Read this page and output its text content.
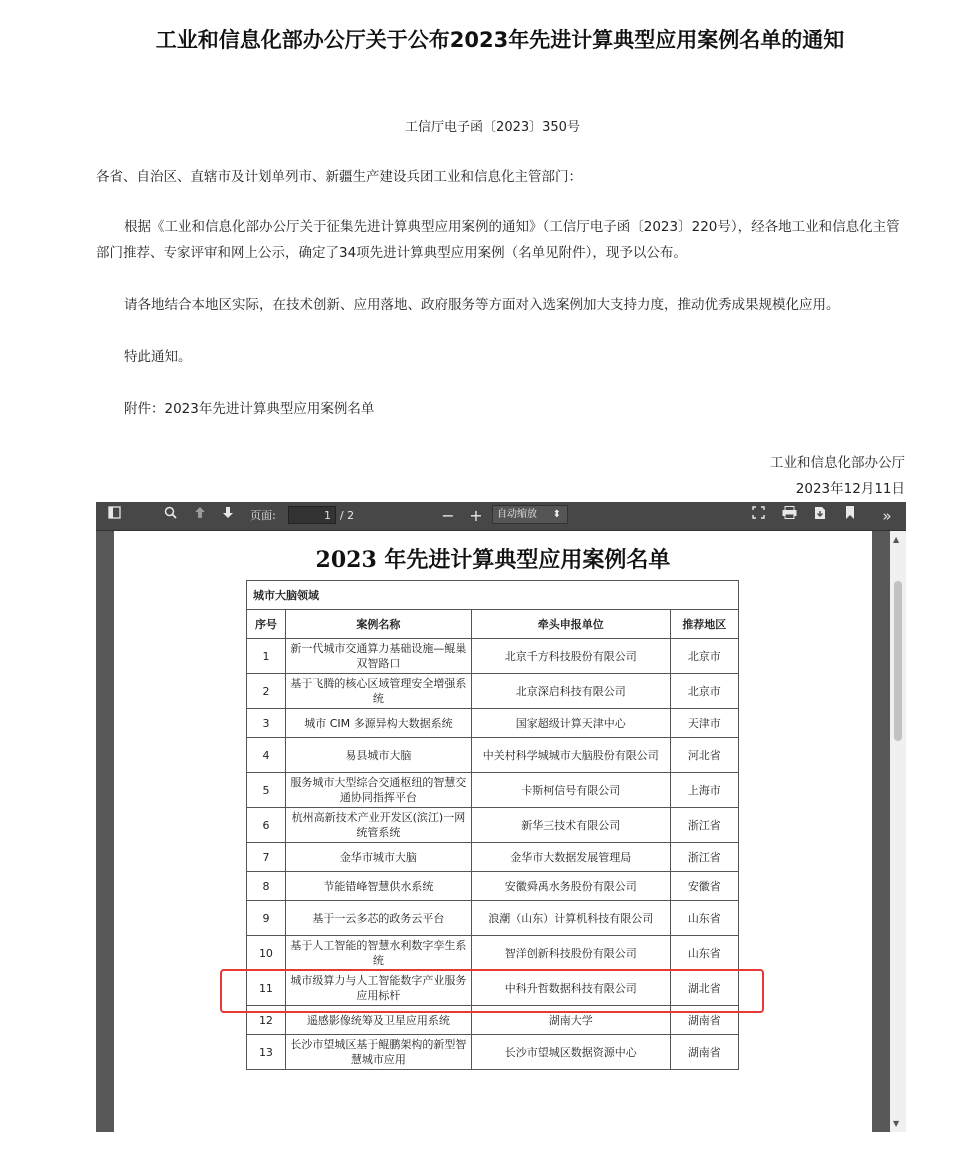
工业和信息化部办公厅关于公布2023年先进计算典型应用案例名单的通知
工信厅电子函〔2023〕350号
各省、自治区、直辖市及计划单列市、新疆生产建设兵团工业和信息化主管部门：
根据《工业和信息化部办公厅关于征集先进计算典型应用案例的通知》（工信厅电子函〔2023〕220号），经各地工业和信息化主管部门推荐、专家评审和网上公示，确定了34项先进计算典型应用案例（名单见附件），现予以公布。
请各地结合本地区实际，在技术创新、应用落地、政府服务等方面对入选案例加大支持力度，推动优秀成果规模化应用。
特此通知。
附件：2023年先进计算典型应用案例名单
工业和信息化部办公厅
2023年12月11日
页面:	1 / 2	− +	自动缩放 ⬍	»
2023 年先进计算典型应用案例名单
城市大脑领域			
序号	案例名称	牵头申报单位	推荐地区
1	新一代城市交通算力基础设施—鲲巢双智路口	北京千方科技股份有限公司	北京市
2	基于飞腾的核心区域管理安全增强系统	北京深启科技有限公司	北京市
3	城市 CIM 多源异构大数据系统	国家超级计算天津中心	天津市
4	易县城市大脑	中关村科学城城市大脑股份有限公司	河北省
5	服务城市大型综合交通枢纽的智慧交通协同指挥平台	卡斯柯信号有限公司	上海市
6	杭州高新技术产业开发区(滨江)一网统管系统	新华三技术有限公司	浙江省
7	金华市城市大脑	金华市大数据发展管理局	浙江省
8	节能错峰智慧供水系统	安徽舜禹水务股份有限公司	安徽省
9	基于一云多芯的政务云平台	浪潮（山东）计算机科技有限公司	山东省
10	基于人工智能的智慧水利数字孪生系统	智洋创新科技股份有限公司	山东省
11	城市级算力与人工智能数字产业服务应用标杆	中科升哲数据科技有限公司	湖北省
12	遥感影像统筹及卫星应用系统	湖南大学	湖南省
13	长沙市望城区基于鲲鹏架构的新型智慧城市应用	长沙市望城区数据资源中心	湖南省
▲
▼
